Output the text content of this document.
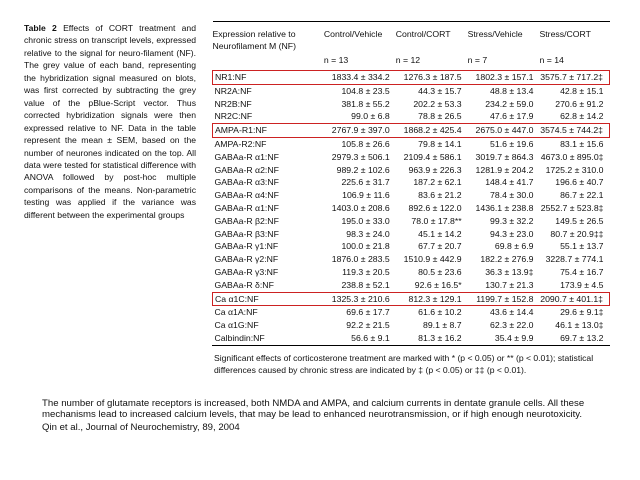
Table 2 Effects of CORT treatment and chronic stress on transcript levels, expressed relative to the signal for neuro-filament (NF). The grey value of each band, representing the hybridization signal measured on blots, was first corrected by subtracting the grey value of the pBlue-Script vector. Thus corrected hybridization signals were then expressed relative to NF. Data in the table represent the mean ± SEM, based on the number of neurones indicated on the top. All data were tested for statistical difference with ANOVA followed by post-hoc multiple comparisons of the means. Non-parametric testing was applied if the variance was different between the experimental groups
Expression relative to Neurofilament M (NF)	Control/Vehicle	Control/CORT	Stress/Vehicle	Stress/CORT
	n = 13	n = 12	n = 7	n = 14
NR1:NF	1833.4 ± 334.2	1276.3 ± 187.5	1802.3 ± 157.1	3575.7 ± 717.2‡
NR2A:NF	104.8 ± 23.5	44.3 ± 15.7	48.8 ± 13.4	42.8 ± 15.1
NR2B:NF	381.8 ± 55.2	202.2 ± 53.3	234.2 ± 59.0	270.6 ± 91.2
NR2C:NF	99.0 ± 6.8	78.8 ± 26.5	47.6 ± 17.9	62.8 ± 14.2
AMPA-R1:NF	2767.9 ± 397.0	1868.2 ± 425.4	2675.0 ± 447.0	3574.5 ± 744.2‡
AMPA-R2:NF	105.8 ± 26.6	79.8 ± 14.1	51.6 ± 19.6	83.1 ± 15.6
GABAa-R α1:NF	2979.3 ± 506.1	2109.4 ± 586.1	3019.7 ± 864.3	4673.0 ± 895.0‡
GABAa-R α2:NF	989.2 ± 102.6	963.9 ± 226.3	1281.9 ± 204.2	1725.2 ± 310.0
GABAa-R α3:NF	225.6 ± 31.7	187.2 ± 62.1	148.4 ± 41.7	196.6 ± 40.7
GABAa-R α4:NF	106.9 ± 11.6	83.6 ± 21.2	78.4 ± 30.0	86.7 ± 22.1
GABAa-R α1:NF	1403.0 ± 208.6	892.6 ± 122.0	1436.1 ± 238.8	2552.7 ± 523.8‡
GABAa-R β2:NF	195.0 ± 33.0	78.0 ± 17.8**	99.3 ± 32.2	149.5 ± 26.5
GABAa-R β3:NF	98.3 ± 24.0	45.1 ± 14.2	94.3 ± 23.0	80.7 ± 20.9‡‡
GABAa-R γ1:NF	100.0 ± 21.8	67.7 ± 20.7	69.8 ± 6.9	55.1 ± 13.7
GABAa-R γ2:NF	1876.0 ± 283.5	1510.9 ± 442.9	182.2 ± 276.9	3228.7 ± 774.1
GABAa-R γ3:NF	119.3 ± 20.5	80.5 ± 23.6	36.3 ± 13.9‡	75.4 ± 16.7
GABAa-R δ:NF	238.8 ± 52.1	92.6 ± 16.5*	130.7 ± 21.3	173.9 ± 4.5
Ca α1C:NF	1325.3 ± 210.6	812.3 ± 129.1	1199.7 ± 152.8	2090.7 ± 401.1‡
Ca α1A:NF	69.6 ± 17.7	61.6 ± 10.2	43.6 ± 14.4	29.6 ± 9.1‡
Ca α1G:NF	92.2 ± 21.5	89.1 ± 8.7	62.3 ± 22.0	46.1 ± 13.0‡
Calbindin:NF	56.6 ± 9.1	81.3 ± 16.2	35.4 ± 9.9	69.7 ± 13.2
Significant effects of corticosterone treatment are marked with * (p < 0.05) or ** (p < 0.01); statistical differences caused by chronic stress are indicated by ‡ (p < 0.05) or ‡‡ (p < 0.01).
The number of glutamate receptors is increased, both NMDA and AMPA, and calcium currents in dentate granule cells. All these mechanisms lead to increased calcium levels, that may be lead to enhanced neurotransmission, or if high enough neurotoxicity.
Qin et al., Journal of Neurochemistry, 89, 2004
